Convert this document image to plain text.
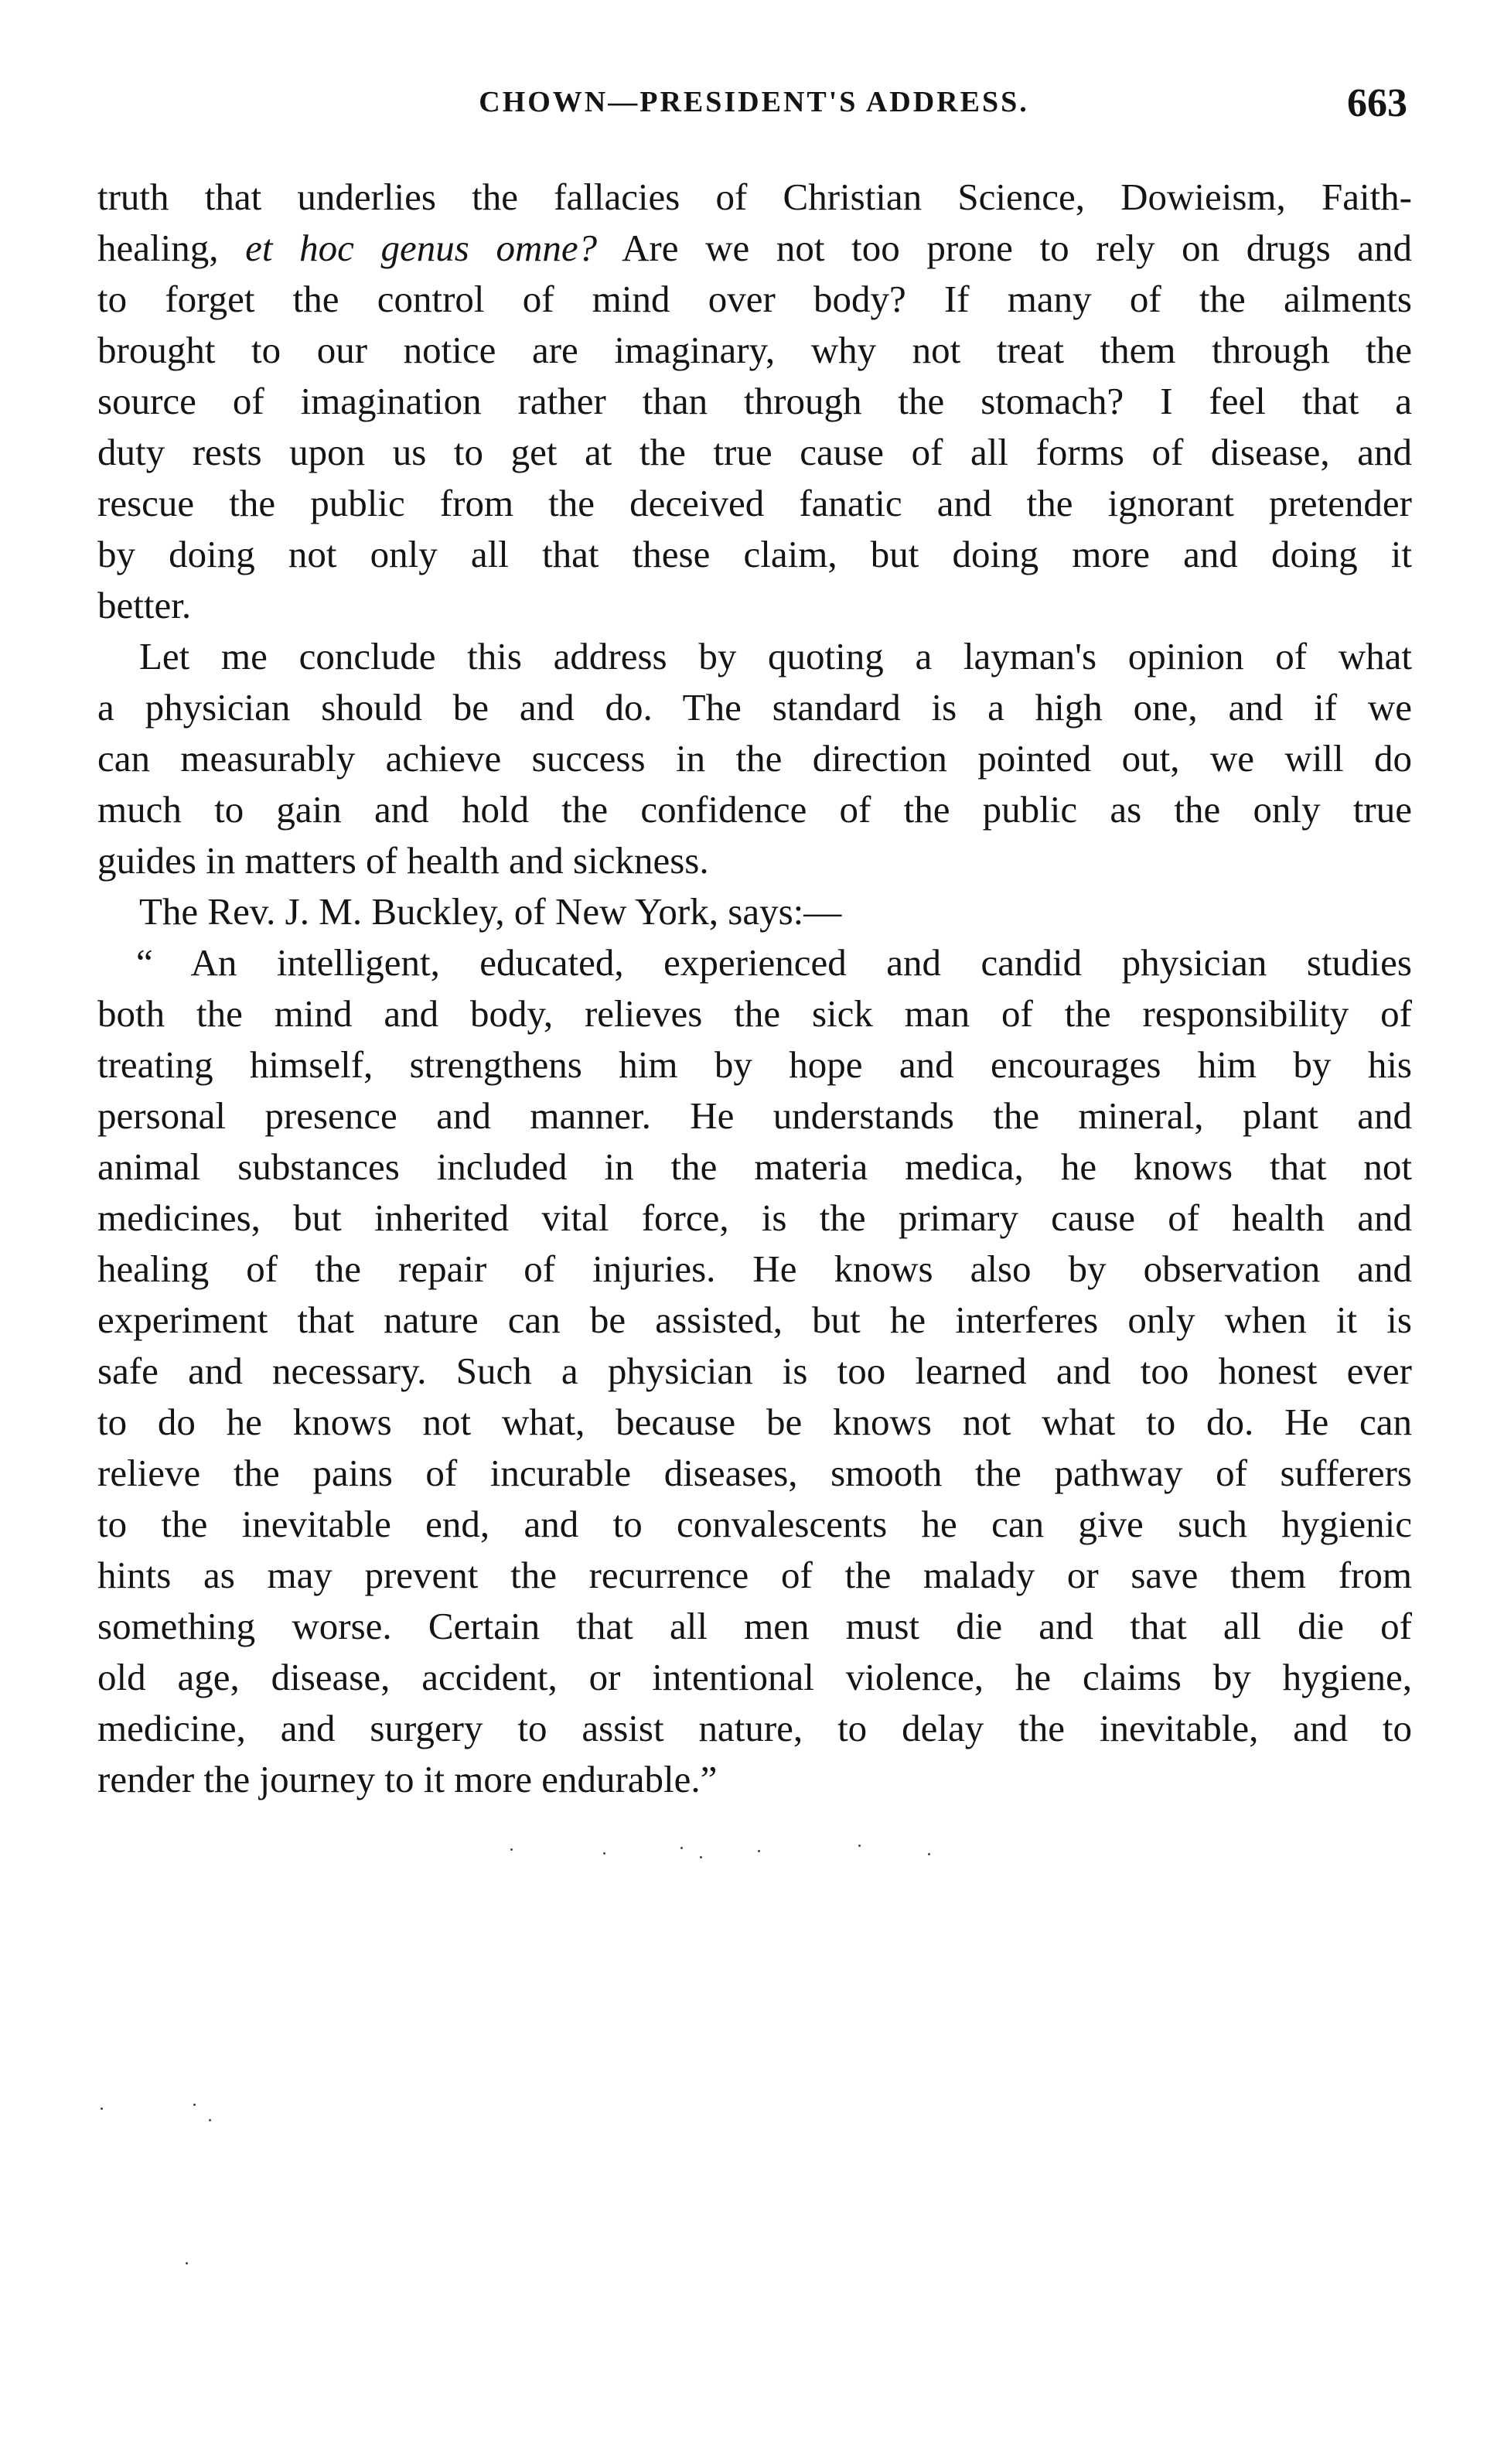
CHOWN—PRESIDENT'S ADDRESS.	663
truth that underlies the fallacies of Christian Science, Dowieism, Faith-
healing, et hoc genus omne? Are we not too prone to rely on drugs and
to forget the control of mind over body? If many of the ailments
brought to our notice are imaginary, why not treat them through the
source of imagination rather than through the stomach? I feel that a
duty rests upon us to get at the true cause of all forms of disease, and
rescue the public from the deceived fanatic and the ignorant pretender
by doing not only all that these claim, but doing more and doing it
better.
Let me conclude this address by quoting a layman's opinion of what
a physician should be and do. The standard is a high one, and if we
can measurably achieve success in the direction pointed out, we will do
much to gain and hold the confidence of the public as the only true
guides in matters of health and sickness.
The Rev. J. M. Buckley, of New York, says:—
“ An intelligent, educated, experienced and candid physician studies
both the mind and body, relieves the sick man of the responsibility of
treating himself, strengthens him by hope and encourages him by his
personal presence and manner. He understands the mineral, plant and
animal substances included in the materia medica, he knows that not
medicines, but inherited vital force, is the primary cause of health and
healing of the repair of injuries. He knows also by observation and
experiment that nature can be assisted, but he interferes only when it is
safe and necessary. Such a physician is too learned and too honest ever
to do he knows not what, because be knows not what to do. He can
relieve the pains of incurable diseases, smooth the pathway of sufferers
to the inevitable end, and to convalescents he can give such hygienic
hints as may prevent the recurrence of the malady or save them from
something worse. Certain that all men must die and that all die of
old age, disease, accident, or intentional violence, he claims by hygiene,
medicine, and surgery to assist nature, to delay the inevitable, and to
render the journey to it more endurable.”
